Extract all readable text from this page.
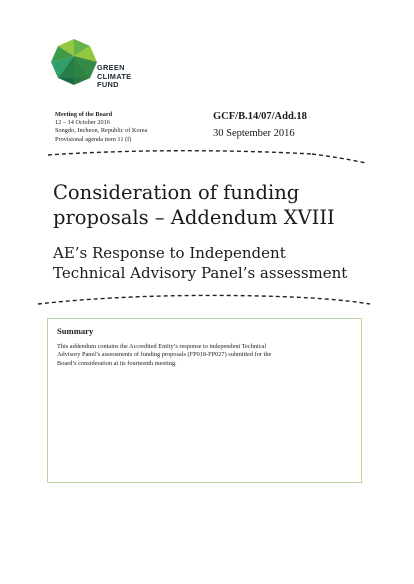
GREEN
CLIMATE
FUND
Meeting of the Board
12 – 14 October 2016
Songdo, Incheon, Republic of Korea
Provisional agenda item 11 (f)
GCF/B.14/07/Add.18
30 September 2016
Consideration of funding
proposals – Addendum XVIII
AE’s Response to Independent
Technical Advisory Panel’s assessment
Summary

This addendum contains the Accredited Entity’s response to independent Technical
Advisory Panel’s assessments of funding proposals (FP018-FP027) submitted for the
Board’s consideration at its fourteenth meeting.
